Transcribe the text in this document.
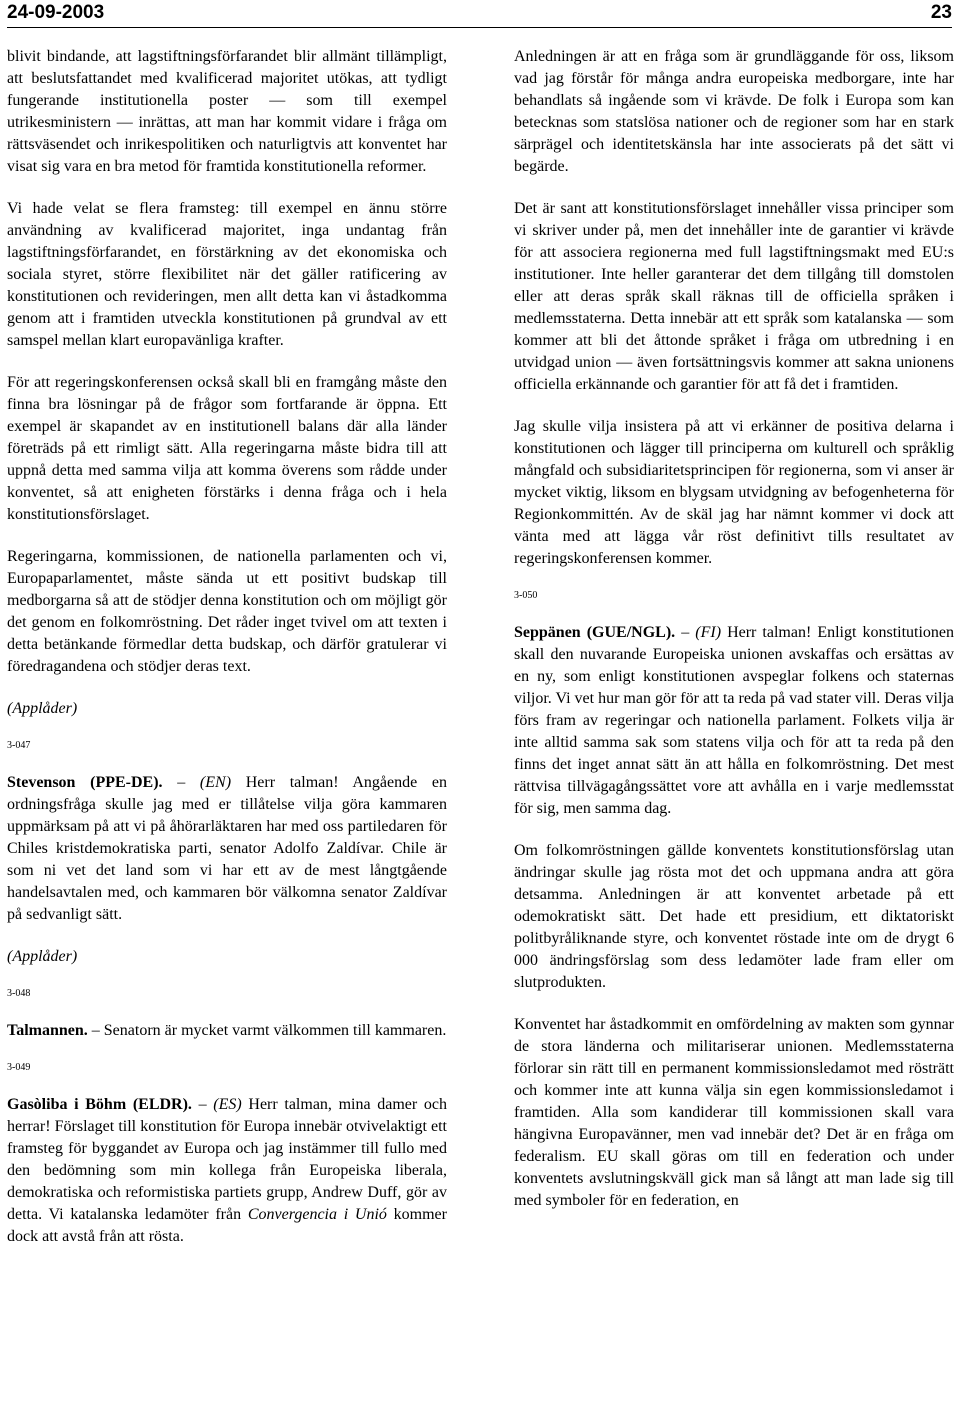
24-09-2003	23

blivit bindande, att lagstiftningsförfarandet blir allmänt tillämpligt, att beslutsfattandet med kvalificerad majoritet utökas, att tydligt fungerande institutionella poster — som till exempel utrikesministern — inrättas, att man har kommit vidare i fråga om rättsväsendet och inrikespolitiken och naturligtvis att konventet har visat sig vara en bra metod för framtida konstitutionella reformer.

Vi hade velat se flera framsteg: till exempel en ännu större användning av kvalificerad majoritet, inga undantag från lagstiftningsförfarandet, en förstärkning av det ekonomiska och sociala styret, större flexibilitet när det gäller ratificering av konstitutionen och revideringen, men allt detta kan vi åstadkomma genom att i framtiden utveckla konstitutionen på grundval av ett samspel mellan klart europavänliga krafter.

För att regeringskonferensen också skall bli en framgång måste den finna bra lösningar på de frågor som fortfarande är öppna. Ett exempel är skapandet av en institutionell balans där alla länder företräds på ett rimligt sätt. Alla regeringarna måste bidra till att uppnå detta med samma vilja att komma överens som rådde under konventet, så att enigheten förstärks i denna fråga och i hela konstitutionsförslaget.

Regeringarna, kommissionen, de nationella parlamenten och vi, Europaparlamentet, måste sända ut ett positivt budskap till medborgarna så att de stödjer denna konstitution och om möjligt gör det genom en folkomröstning. Det råder inget tvivel om att texten i detta betänkande förmedlar detta budskap, och därför gratulerar vi föredragandena och stödjer deras text.

(Applåder)

3-047

Stevenson (PPE-DE). – (EN) Herr talman! Angående en ordningsfråga skulle jag med er tillåtelse vilja göra kammaren uppmärksam på att vi på åhörarläktaren har med oss partiledaren för Chiles kristdemokratiska parti, senator Adolfo Zaldívar. Chile är som ni vet det land som vi har ett av de mest långtgående handelsavtalen med, och kammaren bör välkomna senator Zaldívar på sedvanligt sätt.

(Applåder)

3-048

Talmannen. – Senatorn är mycket varmt välkommen till kammaren.

3-049

Gasòliba i Böhm (ELDR). – (ES) Herr talman, mina damer och herrar! Förslaget till konstitution för Europa innebär otvivelaktigt ett framsteg för byggandet av Europa och jag instämmer till fullo med den bedömning som min kollega från Europeiska liberala, demokratiska och reformistiska partiets grupp, Andrew Duff, gör av detta. Vi katalanska ledamöter från Convergencia i Unió kommer dock att avstå från att rösta.

Anledningen är att en fråga som är grundläggande för oss, liksom vad jag förstår för många andra europeiska medborgare, inte har behandlats så ingående som vi krävde. De folk i Europa som kan betecknas som statslösa nationer och de regioner som har en stark särprägel och identitetskänsla har inte associerats på det sätt vi begärde.

Det är sant att konstitutionsförslaget innehåller vissa principer som vi skriver under på, men det innehåller inte de garantier vi krävde för att associera regionerna med full lagstiftningsmakt med EU:s institutioner. Inte heller garanterar det dem tillgång till domstolen eller att deras språk skall räknas till de officiella språken i medlemsstaterna. Detta innebär att ett språk som katalanska — som kommer att bli det åttonde språket i fråga om utbredning i en utvidgad union — även fortsättningsvis kommer att sakna unionens officiella erkännande och garantier för att få det i framtiden.

Jag skulle vilja insistera på att vi erkänner de positiva delarna i konstitutionen och lägger till principerna om kulturell och språklig mångfald och subsidiaritetsprincipen för regionerna, som vi anser är mycket viktig, liksom en blygsam utvidgning av befogenheterna för Regionkommittén. Av de skäl jag har nämnt kommer vi dock att vänta med att lägga vår röst definitivt tills resultatet av regeringskonferensen kommer.

3-050

Seppänen (GUE/NGL). – (FI) Herr talman! Enligt konstitutionen skall den nuvarande Europeiska unionen avskaffas och ersättas av en ny, som enligt konstitutionen avspeglar folkens och staternas viljor. Vi vet hur man gör för att ta reda på vad stater vill. Deras vilja förs fram av regeringar och nationella parlament. Folkets vilja är inte alltid samma sak som statens vilja och för att ta reda på den finns det inget annat sätt än att hålla en folkomröstning. Det mest rättvisa tillvägagångssättet vore att avhålla en i varje medlemsstat för sig, men samma dag.

Om folkomröstningen gällde konventets konstitutionsförslag utan ändringar skulle jag rösta mot det och uppmana andra att göra detsamma. Anledningen är att konventet arbetade på ett odemokratiskt sätt. Det hade ett presidium, ett diktatoriskt politbyråliknande styre, och konventet röstade inte om de drygt 6 000 ändringsförslag som dess ledamöter lade fram eller om slutprodukten.

Konventet har åstadkommit en omfördelning av makten som gynnar de stora länderna och militariserar unionen. Medlemsstaterna förlorar sin rätt till en permanent kommissionsledamot med rösträtt och kommer inte att kunna välja sin egen kommissionsledamot i framtiden. Alla som kandiderar till kommissionen skall vara hängivna Europavänner, men vad innebär det? Det är en fråga om federalism. EU skall göras om till en federation och under konventets avslutningskväll gick man så långt att man lade sig till med symboler för en federation, en
